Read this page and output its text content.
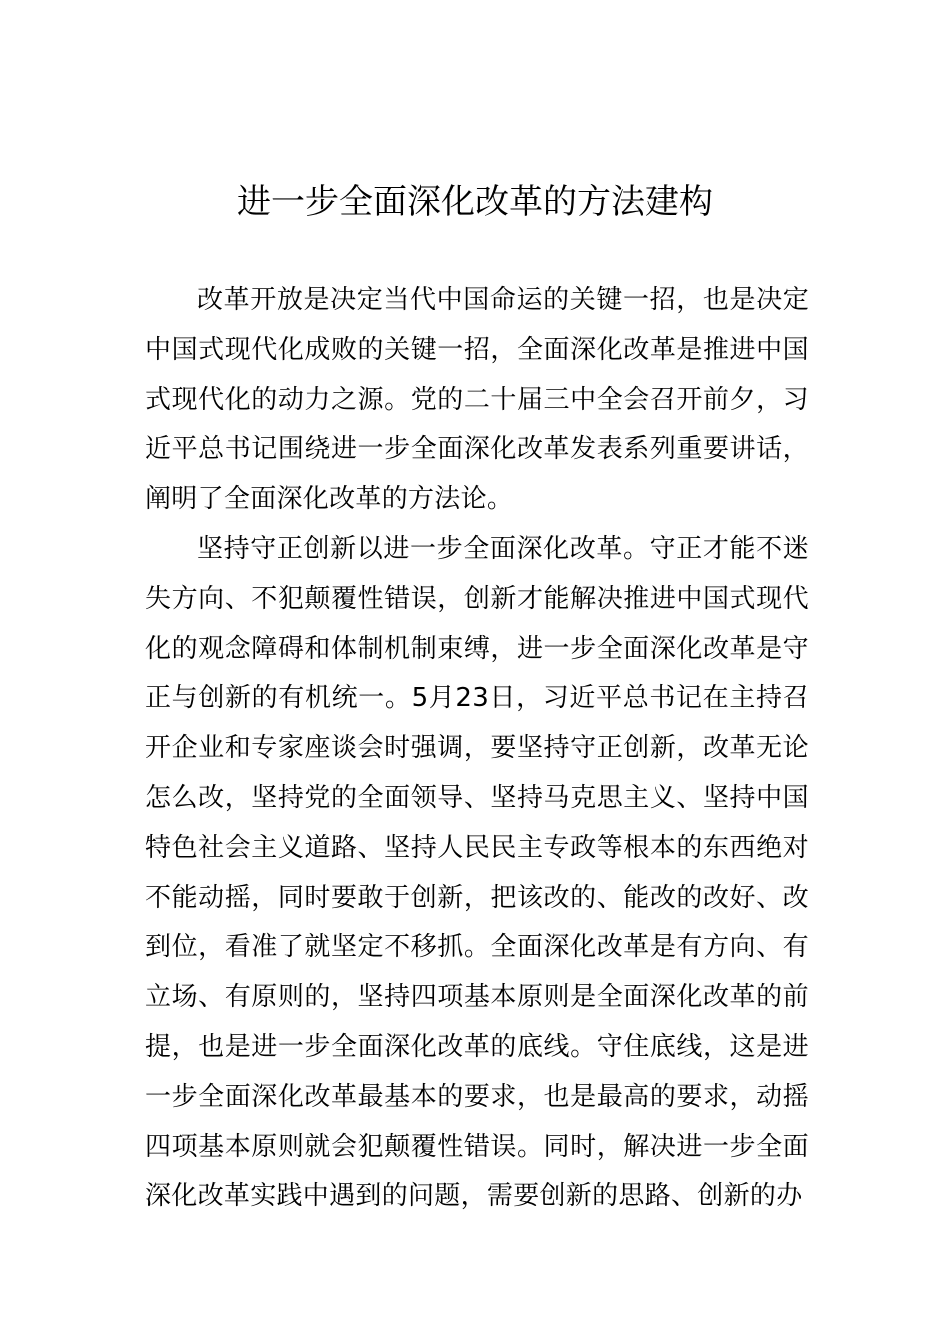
进一步全面深化改革的方法建构

改革开放是决定当代中国命运的关键一招，也是决定中国式现代化成败的关键一招，全面深化改革是推进中国式现代化的动力之源。党的二十届三中全会召开前夕，习近平总书记围绕进一步全面深化改革发表系列重要讲话，阐明了全面深化改革的方法论。

坚持守正创新以进一步全面深化改革。守正才能不迷失方向、不犯颠覆性错误，创新才能解决推进中国式现代化的观念障碍和体制机制束缚，进一步全面深化改革是守正与创新的有机统一。5月23日，习近平总书记在主持召开企业和专家座谈会时强调，要坚持守正创新，改革无论怎么改，坚持党的全面领导、坚持马克思主义、坚持中国特色社会主义道路、坚持人民民主专政等根本的东西绝对不能动摇，同时要敢于创新，把该改的、能改的改好、改到位，看准了就坚定不移抓。全面深化改革是有方向、有立场、有原则的，坚持四项基本原则是全面深化改革的前提，也是进一步全面深化改革的底线。守住底线，这是进一步全面深化改革最基本的要求，也是最高的要求，动摇四项基本原则就会犯颠覆性错误。同时，解决进一步全面深化改革实践中遇到的问题，需要创新的思路、创新的办
